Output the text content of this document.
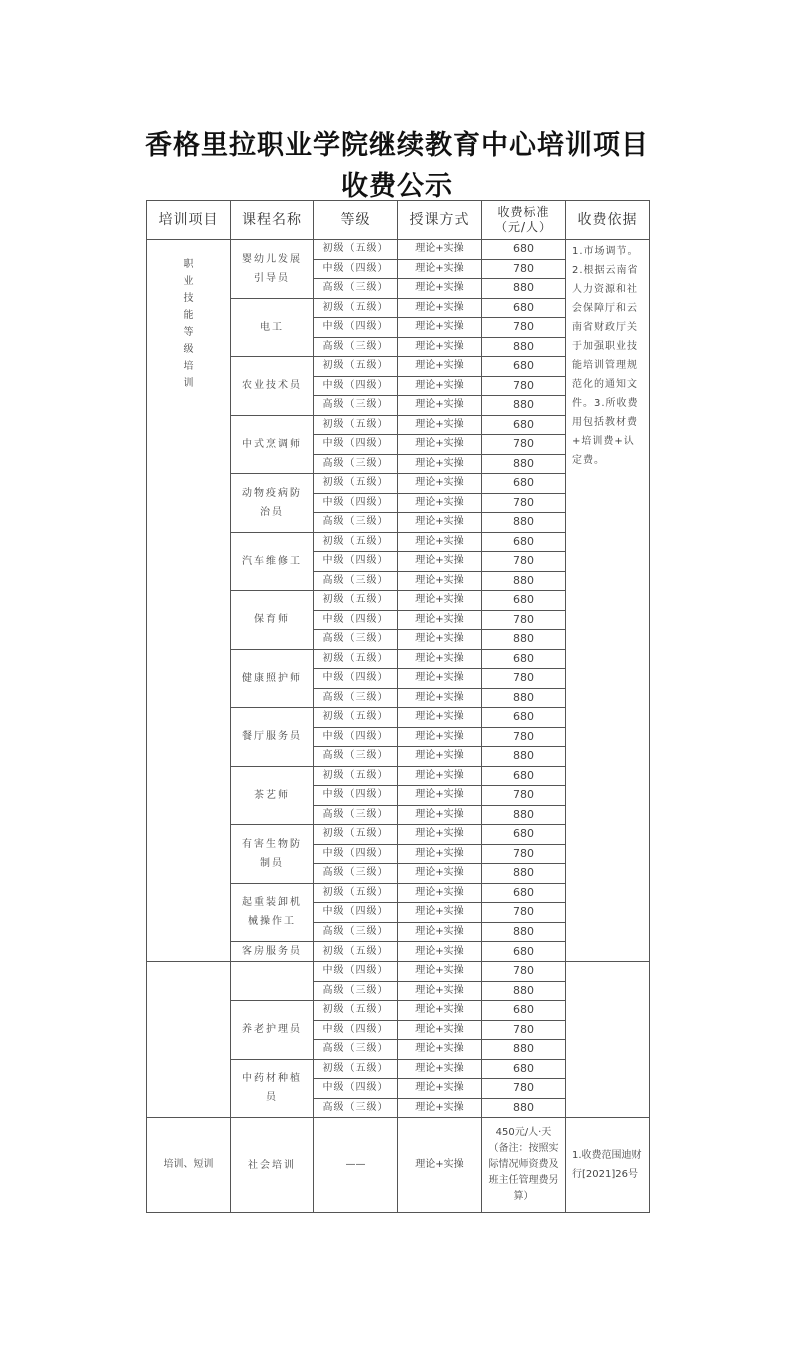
香格里拉职业学院继续教育中心培训项目
收费公示
培训项目	课程名称	等级	授课方式	收费标准（元/人）	收费依据
职业技能等级培训	婴幼儿发展引导员	初级（五级）	理论+实操	680	1.市场调节。2.根据云南省人力资源和社会保障厅和云南省财政厅关于加强职业技能培训管理规范化的通知文件。3.所收费用包括教材费+培训费+认定费。
		中级（四级）	理论+实操	780	
		高级（三级）	理论+实操	880	
	电工	初级（五级）	理论+实操	680	
		中级（四级）	理论+实操	780	
		高级（三级）	理论+实操	880	
	农业技术员	初级（五级）	理论+实操	680	
		中级（四级）	理论+实操	780	
		高级（三级）	理论+实操	880	
	中式烹调师	初级（五级）	理论+实操	680	
		中级（四级）	理论+实操	780	
		高级（三级）	理论+实操	880	
	动物疫病防治员	初级（五级）	理论+实操	680	
		中级（四级）	理论+实操	780	
		高级（三级）	理论+实操	880	
	汽车维修工	初级（五级）	理论+实操	680	
		中级（四级）	理论+实操	780	
		高级（三级）	理论+实操	880	
	保育师	初级（五级）	理论+实操	680	
		中级（四级）	理论+实操	780	
		高级（三级）	理论+实操	880	
	健康照护师	初级（五级）	理论+实操	680	
		中级（四级）	理论+实操	780	
		高级（三级）	理论+实操	880	
	餐厅服务员	初级（五级）	理论+实操	680	
		中级（四级）	理论+实操	780	
		高级（三级）	理论+实操	880	
	茶艺师	初级（五级）	理论+实操	680	
		中级（四级）	理论+实操	780	
		高级（三级）	理论+实操	880	
	有害生物防制员	初级（五级）	理论+实操	680	
		中级（四级）	理论+实操	780	
		高级（三级）	理论+实操	880	
	起重装卸机械操作工	初级（五级）	理论+实操	680	
		中级（四级）	理论+实操	780	
		高级（三级）	理论+实操	880	
	客房服务员	初级（五级）	理论+实操	680	
		中级（四级）	理论+实操	780	
		高级（三级）	理论+实操	880	
	养老护理员	初级（五级）	理论+实操	680	
		中级（四级）	理论+实操	780	
		高级（三级）	理论+实操	880	
	中药材种植员	初级（五级）	理论+实操	680	
		中级（四级）	理论+实操	780	
		高级（三级）	理论+实操	880	
培训、短训	社会培训	——	理论+实操	450元/人·天（备注：按照实际情况师资费及班主任管理费另算）	1.收费范围迪财行[2021]26号
